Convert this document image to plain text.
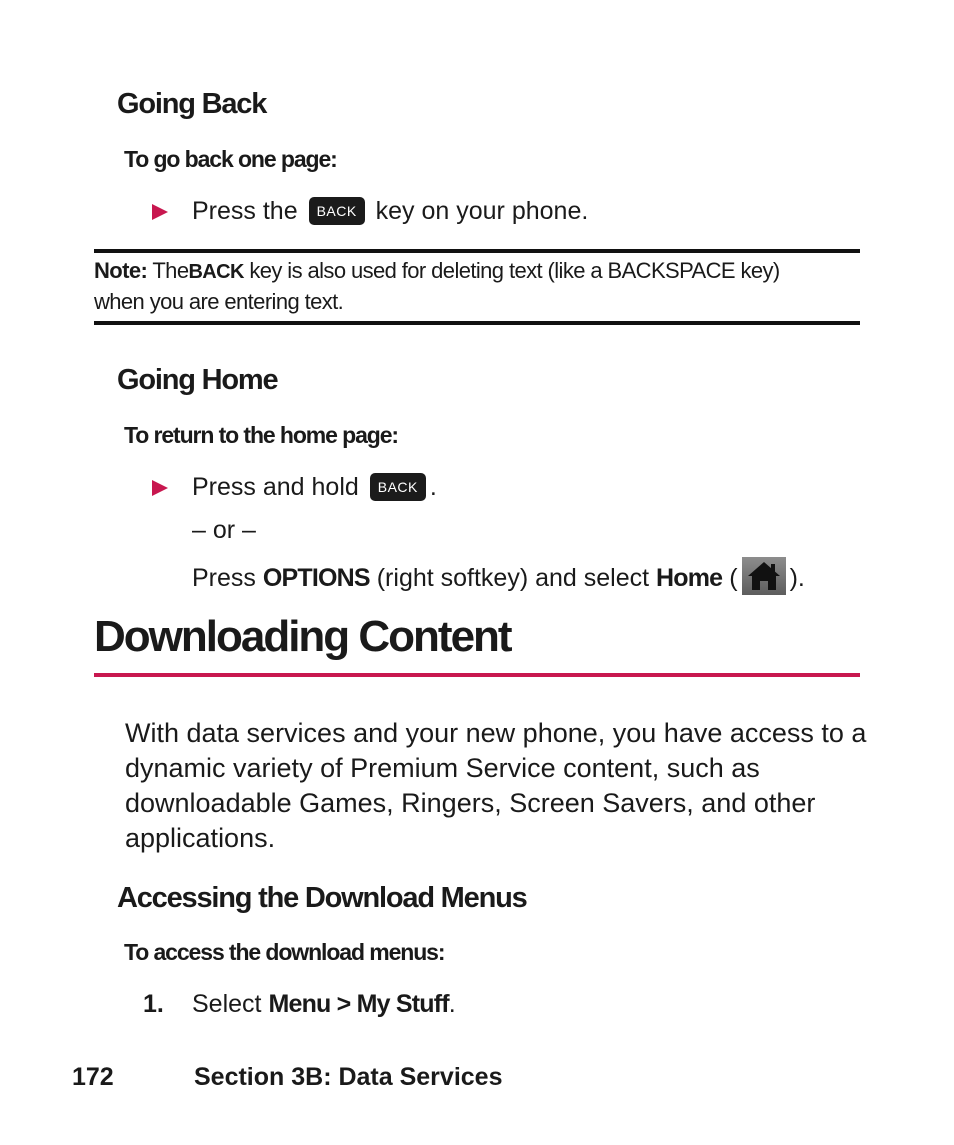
Going Back
To go back one page:
Press the BACK key on your phone.
Note: TheBACK key is also used for deleting text (like a BACKSPACE key)
when you are entering text.
Going Home
To return to the home page:
Press and hold BACK .
– or –
Press OPTIONS (right softkey) and select Home ( ).
Downloading Content
With data services and your new phone, you have access to a
dynamic variety of Premium Service content, such as
downloadable Games, Ringers, Screen Savers, and other
applications.
Accessing the Download Menus
To access the download menus:
1. Select Menu > My Stuff.
172	Section 3B: Data Services
